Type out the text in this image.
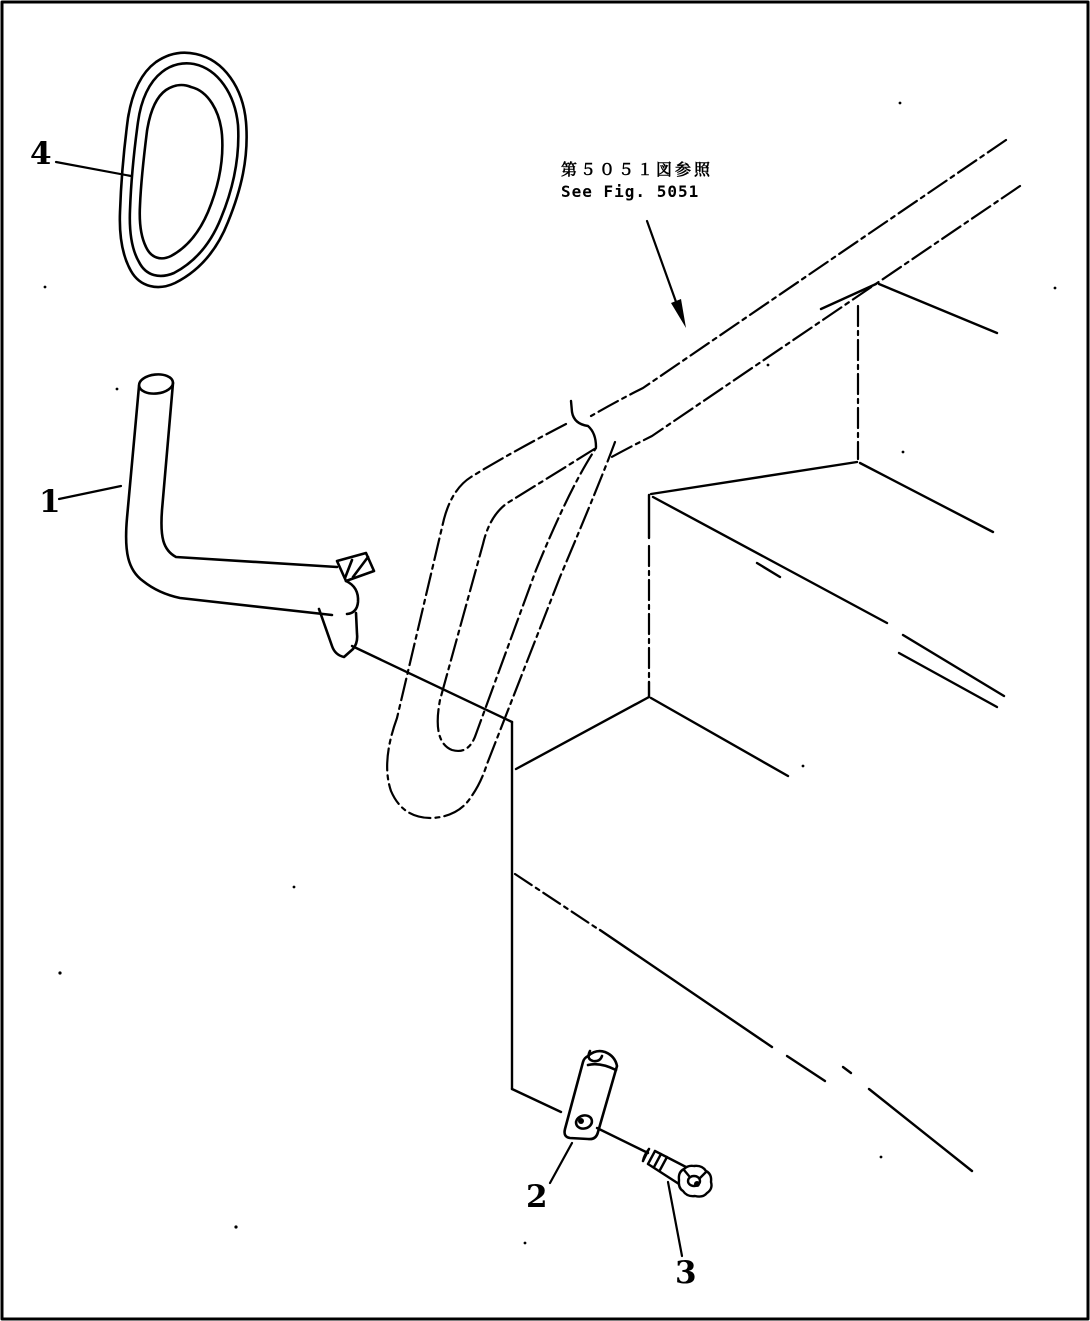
第５０５１図参照
See Fig. 5051
4
1
2
3
